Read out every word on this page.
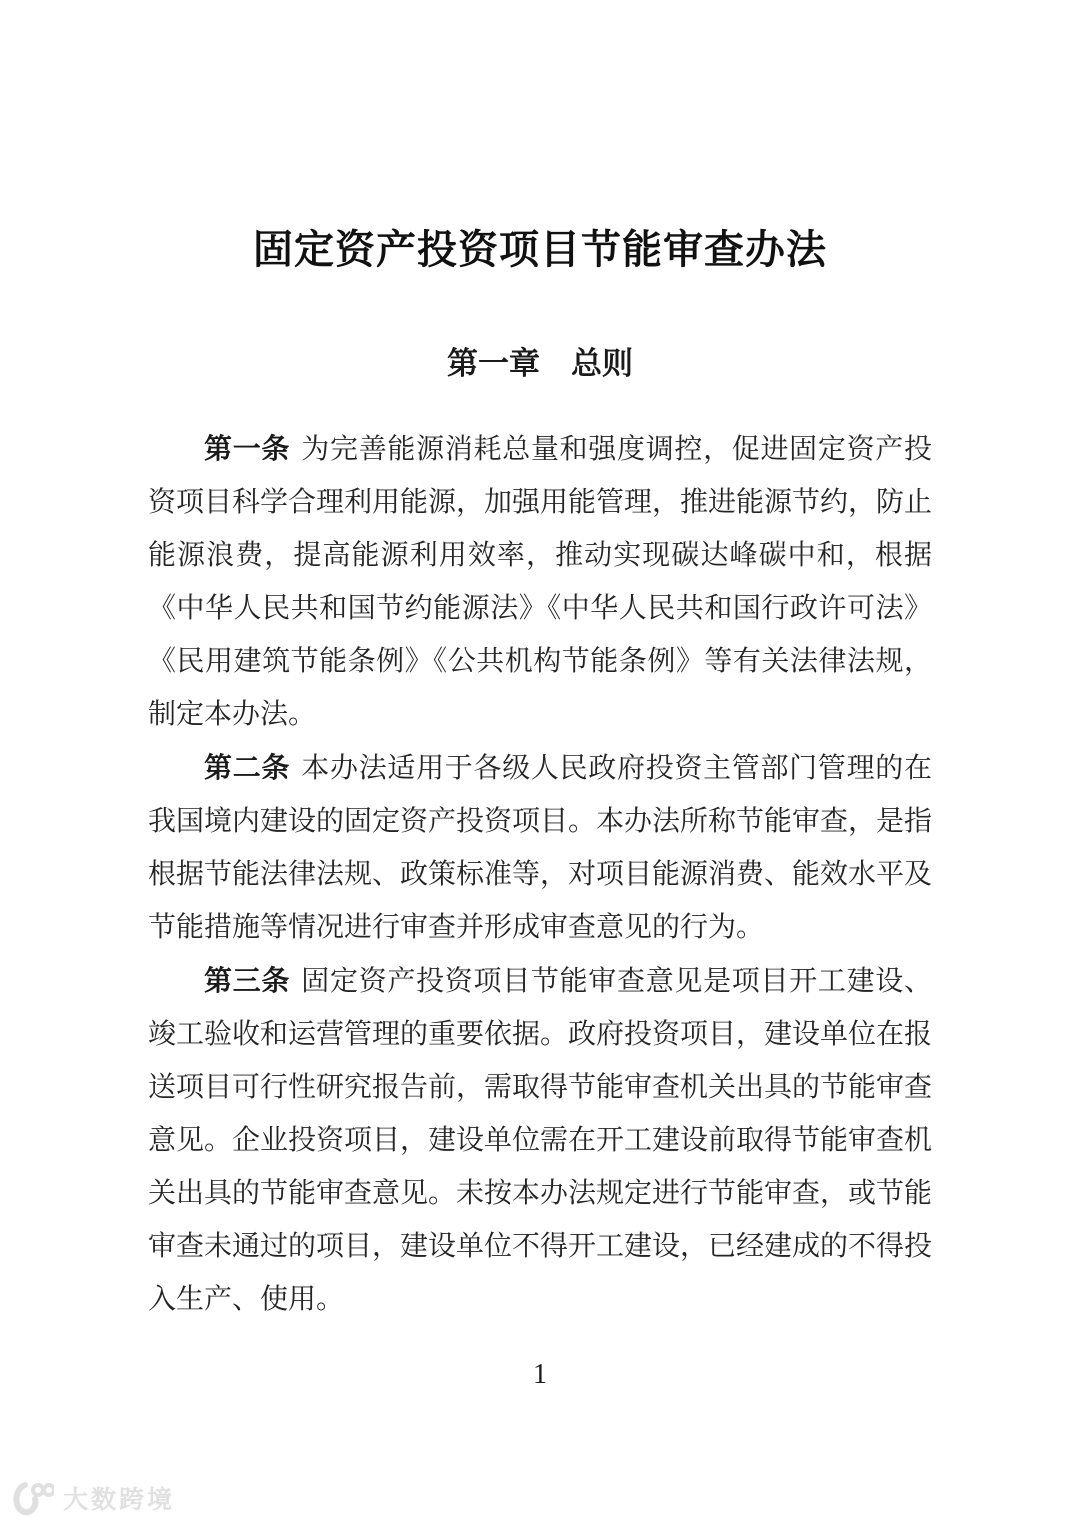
固定资产投资项目节能审查办法
第一章　总则

第一条 为完善能源消耗总量和强度调控，促进固定资产投资项目科学合理利用能源，加强用能管理，推进能源节约，防止能源浪费，提高能源利用效率，推动实现碳达峰碳中和，根据《中华人民共和国节约能源法》《中华人民共和国行政许可法》《民用建筑节能条例》《公共机构节能条例》等有关法律法规，制定本办法。

第二条 本办法适用于各级人民政府投资主管部门管理的在我国境内建设的固定资产投资项目。本办法所称节能审查，是指根据节能法律法规、政策标准等，对项目能源消费、能效水平及节能措施等情况进行审查并形成审查意见的行为。

第三条 固定资产投资项目节能审查意见是项目开工建设、竣工验收和运营管理的重要依据。政府投资项目，建设单位在报送项目可行性研究报告前，需取得节能审查机关出具的节能审查意见。企业投资项目，建设单位需在开工建设前取得节能审查机关出具的节能审查意见。未按本办法规定进行节能审查，或节能审查未通过的项目，建设单位不得开工建设，已经建成的不得投入生产、使用。

1
大数跨境
